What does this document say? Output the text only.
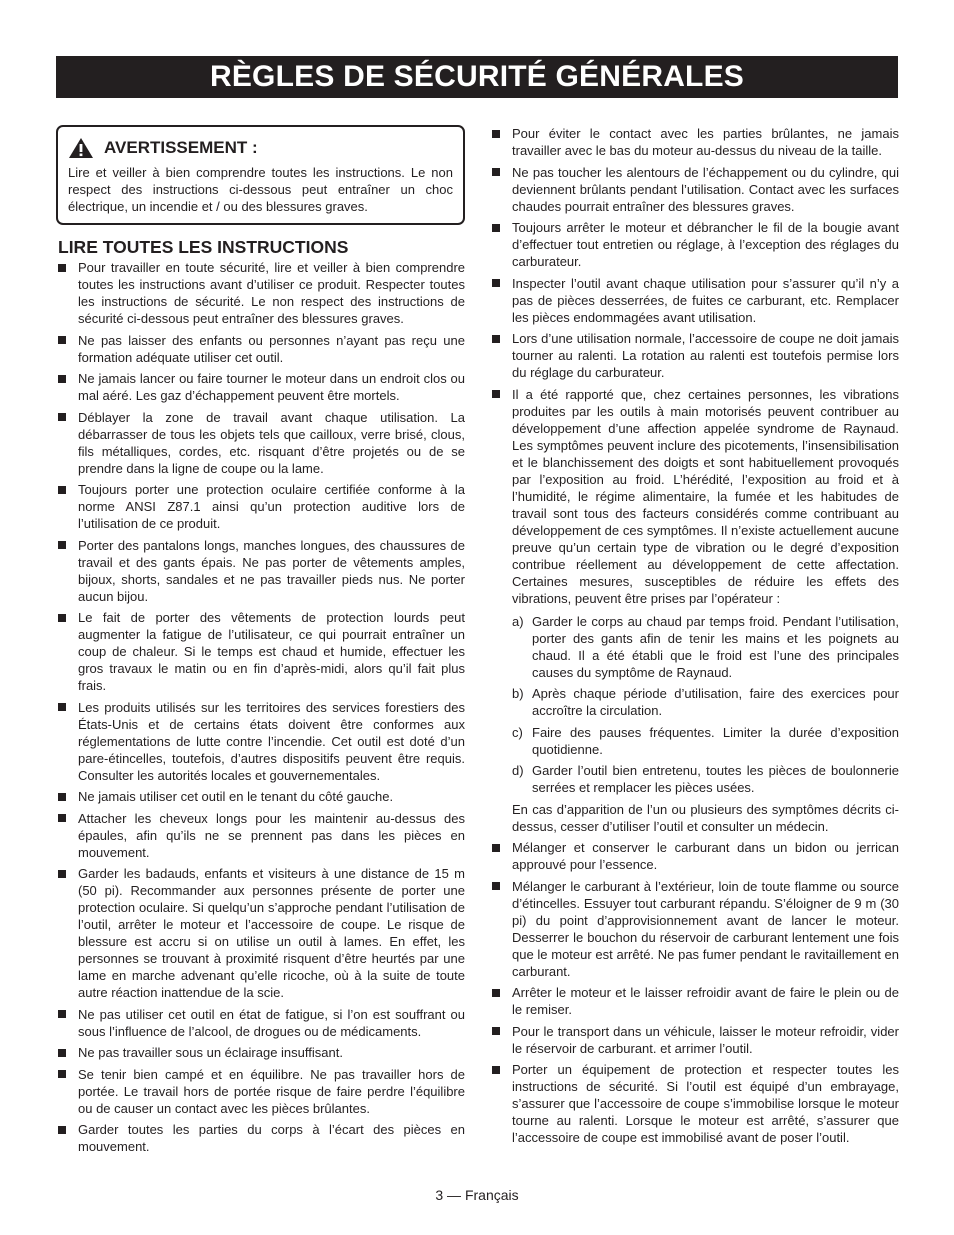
RÈGLES DE SÉCURITÉ GÉNÉRALES
AVERTISSEMENT :
Lire et veiller à bien comprendre toutes les instructions. Le non respect des instructions ci-dessous peut entraîner un choc électrique, un incendie et / ou des blessures graves.
LIRE TOUTES LES INSTRUCTIONS
Pour travailler en toute sécurité, lire et veiller à bien comprendre toutes les instructions avant d’utiliser ce produit. Respecter toutes les instructions de sécurité. Le non respect des instructions de sécurité ci-dessous peut entraîner des blessures graves.
Ne pas laisser des enfants ou personnes n’ayant pas reçu une formation adéquate utiliser cet outil.
Ne jamais lancer ou faire tourner le moteur dans un endroit clos ou mal aéré. Les gaz d’échappement peuvent être mortels.
Déblayer la zone de travail avant chaque utilisation. La débarrasser de tous les objets tels que cailloux, verre brisé, clous, fils métalliques, cordes, etc. risquant d’être projetés ou de se prendre dans la ligne de coupe ou la lame.
Toujours porter une protection oculaire certifiée conforme à la norme ANSI Z87.1 ainsi qu’un protection auditive lors de l’utilisation de ce produit.
Porter des pantalons longs, manches longues, des chaussures de travail et des gants épais. Ne pas porter de vêtements amples, bijoux, shorts, sandales et ne pas travailler pieds nus. Ne porter aucun bijou.
Le fait de porter des vêtements de protection lourds peut augmenter la fatigue de l’utilisateur, ce qui pourrait entraîner un coup de chaleur. Si le temps est chaud et humide, effectuer les gros travaux le matin ou en fin d’après-midi, alors qu’il fait plus frais.
Les produits utilisés sur les territoires des services forestiers des États-Unis et de certains états doivent être conformes aux réglementations de lutte contre l’incendie. Cet outil est doté d’un pare-étincelles, toutefois, d’autres dispositifs peuvent être requis. Consulter les autorités locales et gouvernementales.
Ne jamais utiliser cet outil en le tenant du côté gauche.
Attacher les cheveux longs pour les maintenir au-dessus des épaules, afin qu’ils ne se prennent pas dans les pièces en mouvement.
Garder les badauds, enfants et visiteurs à une distance de 15 m (50 pi). Recommander aux personnes présente de porter une protection oculaire. Si quelqu’un s’approche pendant l’utilisation de l’outil, arrêter le moteur et l’accessoire de coupe. Le risque de blessure est accru si on utilise un outil à lames. En effet, les personnes se trouvant à proximité risquent d’être heurtés par une lame en marche advenant qu’elle ricoche, où à la suite de toute autre réaction inattendue de la scie.
Ne pas utiliser cet outil en état de fatigue, si l’on est souffrant ou sous l’influence de l’alcool, de drogues ou de médicaments.
Ne pas travailler sous un éclairage insuffisant.
Se tenir bien campé et en équilibre. Ne pas travailler hors de portée. Le travail hors de portée risque de faire perdre l’équilibre ou de causer un contact avec les pièces brûlantes.
Garder toutes les parties du corps à l’écart des pièces en mouvement.
Pour éviter le contact avec les parties brûlantes, ne jamais travailler avec le bas du moteur au-dessus du niveau de la taille.
Ne pas toucher les alentours de l’échappement ou du cylindre, qui deviennent brûlants pendant l’utilisation. Contact avec les surfaces chaudes pourrait entraîner des blessures graves.
Toujours arrêter le moteur et débrancher le fil de la bougie avant d’effectuer tout entretien ou réglage, à l’exception des réglages du carburateur.
Inspecter l’outil avant chaque utilisation pour s’assurer qu’il n’y a pas de pièces desserrées, de fuites ce carburant, etc. Remplacer les pièces endommagées avant utilisation.
Lors d’une utilisation normale, l’accessoire de coupe ne doit jamais tourner au ralenti. La rotation au ralenti est toutefois permise lors du réglage du carburateur.
Il a été rapporté que, chez certaines personnes, les vibrations produites par les outils à main motorisés peuvent contribuer au développement d’une affection appelée syndrome de Raynaud. Les symptômes peuvent inclure des picotements, l’insensibilisation et le blanchissement des doigts et sont habituellement provoqués par l’exposition au froid. L’hérédité, l’exposition au froid et à l’humidité, le régime alimentaire, la fumée et les habitudes de travail sont tous des facteurs considérés comme contribuant au développement de ces symptômes. Il n’existe actuellement aucune preuve qu’un certain type de vibration ou le degré d’exposition contribue réellement au développement de cette affectation. Certaines mesures, susceptibles de réduire les effets des vibrations, peuvent être prises par l’opérateur :
a) Garder le corps au chaud par temps froid. Pendant l’utilisation, porter des gants afin de tenir les mains et les poignets au chaud. Il a été établi que le froid est l’une des principales causes du symptôme de Raynaud.
b) Après chaque période d’utilisation, faire des exercices pour accroître la circulation.
c) Faire des pauses fréquentes. Limiter la durée d’exposition quotidienne.
d) Garder l’outil bien entretenu, toutes les pièces de boulonnerie serrées et remplacer les pièces usées.
En cas d’apparition de l’un ou plusieurs des symptômes décrits ci-dessus, cesser d’utiliser l’outil et consulter un médecin.
Mélanger et conserver le carburant dans un bidon ou jerrican approuvé pour l’essence.
Mélanger le carburant à l’extérieur, loin de toute flamme ou source d’étincelles. Essuyer tout carburant répandu. S’éloigner de 9 m (30 pi) du point d’approvisionnement avant de lancer le moteur. Desserrer le bouchon du réservoir de carburant lentement une fois que le moteur est arrêté. Ne pas fumer pendant le ravitaillement en carburant.
Arrêter le moteur et le laisser refroidir avant de faire le plein ou de le remiser.
Pour le transport dans un véhicule, laisser le moteur refroidir, vider le réservoir de carburant. et arrimer l’outil.
Porter un équipement de protection et respecter toutes les instructions de sécurité. Si l’outil est équipé d’un embrayage, s’assurer que l’accessoire de coupe s’immobilise lorsque le moteur tourne au ralenti. Lorsque le moteur est arrêté, s’assurer que l’accessoire de coupe est immobilisé avant de poser l’outil.
3 — Français
